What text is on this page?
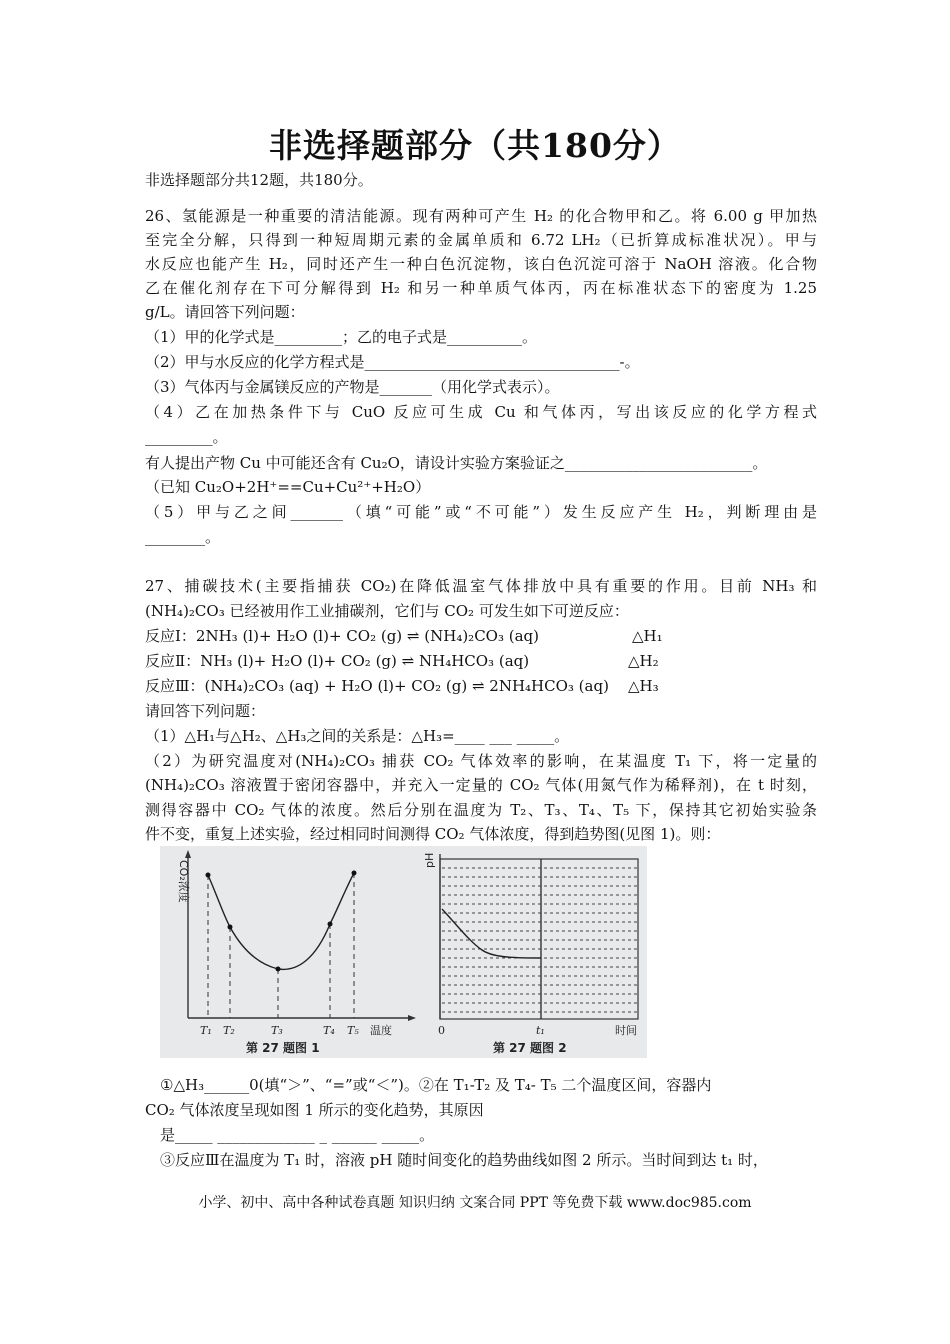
非选择题部分（共180分）
非选择题部分共12题，共180分。
26、氢能源是一种重要的清洁能源。现有两种可产生 H₂ 的化合物甲和乙。将 6.00 g 甲加热
至完全分解，只得到一种短周期元素的金属单质和 6.72 LH₂（已折算成标准状况）。甲与
水反应也能产生 H₂，同时还产生一种白色沉淀物，该白色沉淀可溶于 NaOH 溶液。化合物
乙在催化剂存在下可分解得到 H₂ 和另一种单质气体丙，丙在标准状态下的密度为 1.25
g/L。请回答下列问题：
（1）甲的化学式是_________；乙的电子式是__________。
（2）甲与水反应的化学方程式是__________________________________-。
（3）气体丙与金属镁反应的产物是_______（用化学式表示）。
（4）乙在加热条件下与 CuO 反应可生成 Cu 和气体丙，写出该反应的化学方程式
_________。
有人提出产物 Cu 中可能还含有 Cu₂O，请设计实验方案验证之_________________________。
（已知 Cu₂O+2H⁺==Cu+Cu²⁺+H₂O）
（5）甲与乙之间_______（填“可能”或“不可能”）发生反应产生 H₂，判断理由是
________。
27、捕碳技术(主要指捕获 CO₂)在降低温室气体排放中具有重要的作用。目前 NH₃ 和
(NH₄)₂CO₃ 已经被用作工业捕碳剂，它们与 CO₂ 可发生如下可逆反应：
反应Ⅰ：2NH₃ (l)+ H₂O (l)+ CO₂ (g) ⇌ (NH₄)₂CO₃ (aq)	△H₁
反应Ⅱ：NH₃ (l)+ H₂O (l)+ CO₂ (g) ⇌ NH₄HCO₃ (aq)	△H₂
反应Ⅲ：(NH₄)₂CO₃ (aq) + H₂O (l)+ CO₂ (g) ⇌ 2NH₄HCO₃ (aq)	△H₃
请回答下列问题：
（1）△H₁与△H₂、△H₃之间的关系是：△H₃=____ ___ _____。
（2）为研究温度对(NH₄)₂CO₃ 捕获 CO₂ 气体效率的影响，在某温度 T₁ 下，将一定量的
(NH₄)₂CO₃ 溶液置于密闭容器中，并充入一定量的 CO₂ 气体(用氮气作为稀释剂)，在 t 时刻，
测得容器中 CO₂ 气体的浓度。然后分别在温度为 T₂、T₃、T₄、T₅ 下，保持其它初始实验条
件不变，重复上述实验，经过相同时间测得 CO₂ 气体浓度，得到趋势图(见图 1)。则：
CO₂浓度
T₁ T₂	T₃	T₄ T₅ 温度
第 27 题图 1
pH
0	t₁	时间
第 27 题图 2
①△H₃______0(填“＞”、“=”或“＜”)。②在 T₁-T₂ 及 T₄- T₅ 二个温度区间，容器内
CO₂ 气体浓度呈现如图 1 所示的变化趋势，其原因
是_____ _____________ _ ______ _____。
③反应Ⅲ在温度为 T₁ 时，溶液 pH 随时间变化的趋势曲线如图 2 所示。当时间到达 t₁ 时，
小学、初中、高中各种试卷真题 知识归纳 文案合同 PPT 等免费下载 www.doc985.com
